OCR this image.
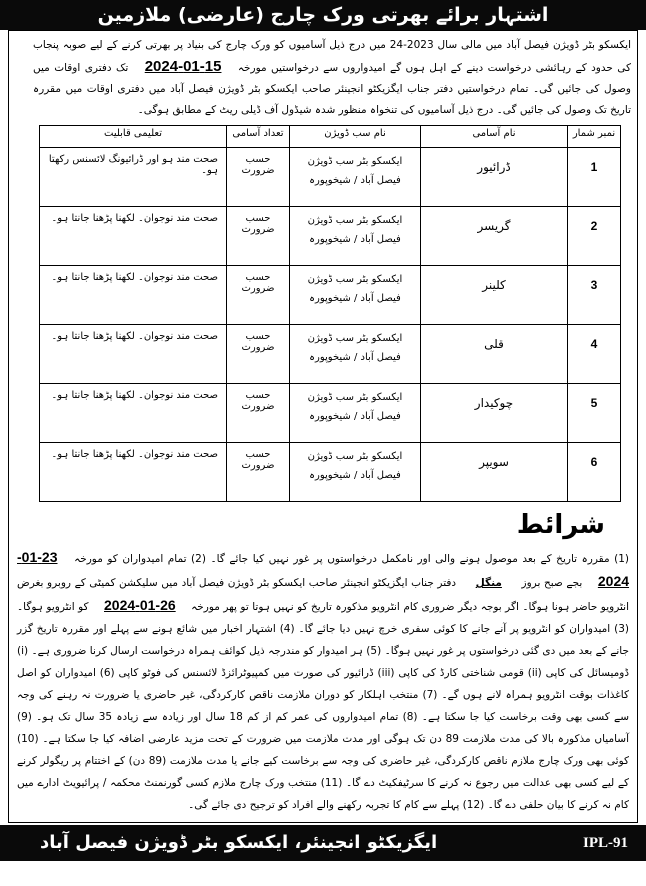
اشتہار برائے بھرتی ورک چارج (عارضی) ملازمین
ایکسکو بٹر ڈویژن فیصل آباد میں مالی سال 2023-24 میں درج ذیل آسامیوں کو ورک چارج کی بنیاد پر بھرتی کرنے کے لیے صوبہ پنجاب کی حدود کے رہائشی درخواست دینے کے اہل ہوں گے امیدواروں سے درخواستیں مورخہ 15-01-2024 تک دفتری اوقات میں وصول کی جائیں گی۔ تمام درخواستیں دفتر جناب ایگزیکٹو انجینئر صاحب ایکسکو بٹر ڈویژن فیصل آباد میں دفتری اوقات میں مقررہ تاریخ تک وصول کی جائیں گی۔ درج ذیل آسامیوں کی تنخواہ منظور شدہ شیڈول آف ڈیلی ریٹ کے مطابق ہوگی۔
نمبر شمار	نام آسامی	نام سب ڈویژن	تعداد آسامی	تعلیمی قابلیت
1	ڈرائیور	ایکسکو بٹر سب ڈویژن
فیصل آباد / شیخوپورہ	حسب ضرورت	صحت مند ہو اور ڈرائیونگ لائسنس رکھتا ہو۔
2	گریسر	ایکسکو بٹر سب ڈویژن
فیصل آباد / شیخوپورہ	حسب ضرورت	صحت مند نوجوان۔ لکھنا پڑھنا جانتا ہو۔
3	کلینر	ایکسکو بٹر سب ڈویژن
فیصل آباد / شیخوپورہ	حسب ضرورت	صحت مند نوجوان۔ لکھنا پڑھنا جانتا ہو۔
4	قلی	ایکسکو بٹر سب ڈویژن
فیصل آباد / شیخوپورہ	حسب ضرورت	صحت مند نوجوان۔ لکھنا پڑھنا جانتا ہو۔
5	چوکیدار	ایکسکو بٹر سب ڈویژن
فیصل آباد / شیخوپورہ	حسب ضرورت	صحت مند نوجوان۔ لکھنا پڑھنا جانتا ہو۔
6	سویپر	ایکسکو بٹر سب ڈویژن
فیصل آباد / شیخوپورہ	حسب ضرورت	صحت مند نوجوان۔ لکھنا پڑھنا جانتا ہو۔
شرائط
(1) مقررہ تاریخ کے بعد موصول ہونے والی اور نامکمل درخواستوں پر غور نہیں کیا جائے گا۔ (2) تمام امیدواران کو مورخہ 23-01-2024 بجے صبح بروز منگل دفتر جناب ایگزیکٹو انجینئر صاحب ایکسکو بٹر ڈویژن فیصل آباد میں سلیکشن کمیٹی کے روبرو بغرض انٹرویو حاضر ہونا ہوگا۔ اگر بوجہ دیگر ضروری کام انٹرویو مذکورہ تاریخ کو نہیں ہوتا تو پھر مورخہ 26-01-2024 کو انٹرویو ہوگا۔ (3) امیدواران کو انٹرویو پر آنے جانے کا کوئی سفری خرچ نہیں دیا جائے گا۔ (4) اشتہار اخبار میں شائع ہونے سے پہلے اور مقررہ تاریخ گزر جانے کے بعد میں دی گئی درخواستوں پر غور نہیں ہوگا۔ (5) ہر امیدوار کو مندرجہ ذیل کوائف ہمراہ درخواست ارسال کرنا ضروری ہے۔ (i) ڈومیسائل کی کاپی (ii) قومی شناختی کارڈ کی کاپی (iii) ڈرائیور کی صورت میں کمپیوٹرائزڈ لائسنس کی فوٹو کاپی (6) امیدواران کو اصل کاغذات بوقت انٹرویو ہمراہ لانے ہوں گے۔ (7) منتخب اہلکار کو دوران ملازمت ناقص کارکردگی، غیر حاضری یا ضرورت نہ رہنے کی وجہ سے کسی بھی وقت برخاست کیا جا سکتا ہے۔ (8) تمام امیدواروں کی عمر کم از کم 18 سال اور زیادہ سے زیادہ 35 سال تک ہو۔ (9) آسامیاں مذکورہ بالا کی مدت ملازمت 89 دن تک ہوگی اور مدت ملازمت میں ضرورت کے تحت مزید عارضی اضافہ کیا جا سکتا ہے۔ (10) کوئی بھی ورک چارج ملازم ناقص کارکردگی، غیر حاضری کی وجہ سے برخاست کیے جانے یا مدت ملازمت (89 دن) کے اختتام پر ریگولر کرنے کے لیے کسی بھی عدالت میں رجوع نہ کرنے کا سرٹیفکیٹ دے گا۔ (11) منتخب ورک چارج ملازم کسی گورنمنٹ محکمہ / پرائیویٹ ادارے میں کام نہ کرنے کا بیان حلفی دے گا۔ (12) پہلے سے کام کا تجربہ رکھنے والے افراد کو ترجیح دی جائے گی۔
ایگزیکٹو انجینئر، ایکسکو بٹر ڈویژن فیصل آباد	IPL-91
